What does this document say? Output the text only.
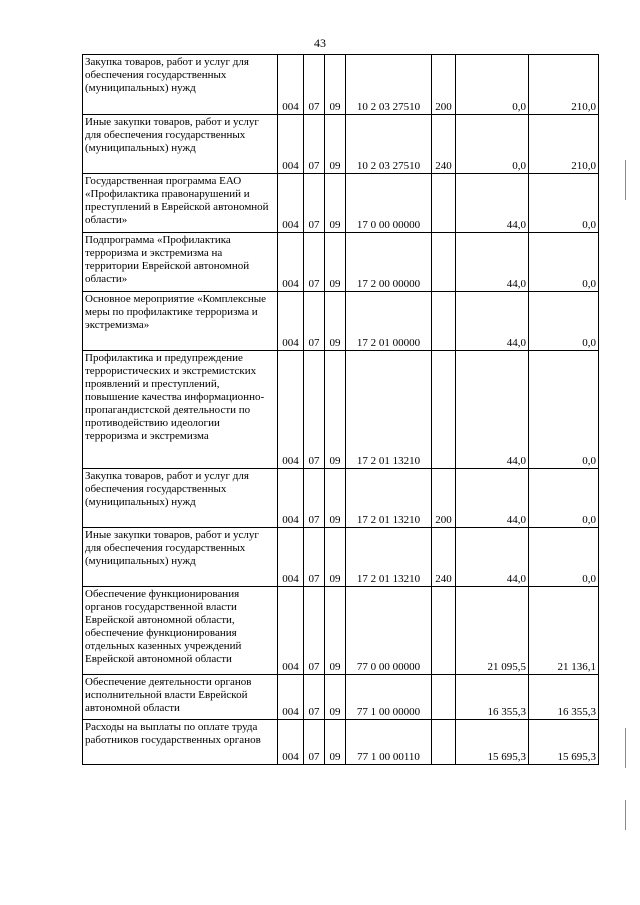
43
Закупка товаров, работ и услуг для обеспечения государственных (муниципальных) нужд	004	07	09	10 2 03 27510	200	0,0	210,0
Иные закупки товаров, работ и услуг для обеспечения государственных (муниципальных) нужд	004	07	09	10 2 03 27510	240	0,0	210,0
Государственная программа ЕАО «Профилактика правонарушений и преступлений в Еврейской автономной области»	004	07	09	17 0 00 00000		44,0	0,0
Подпрограмма «Профилактика терроризма и экстремизма на территории Еврейской автономной области»	004	07	09	17 2 00 00000		44,0	0,0
Основное мероприятие «Комплексные меры по профилактике терроризма и экстремизма»	004	07	09	17 2 01 00000		44,0	0,0
Профилактика и предупреждение террористических и экстремистских проявлений и преступлений, повышение качества информационно-пропагандистской деятельности по противодействию идеологии терроризма и экстремизма	004	07	09	17 2 01 13210		44,0	0,0
Закупка товаров, работ и услуг для обеспечения государственных (муниципальных) нужд	004	07	09	17 2 01 13210	200	44,0	0,0
Иные закупки товаров, работ и услуг для обеспечения государственных (муниципальных) нужд	004	07	09	17 2 01 13210	240	44,0	0,0
Обеспечение функционирования органов государственной власти Еврейской автономной области, обеспечение функционирования отдельных казенных учреждений Еврейской автономной области	004	07	09	77 0 00 00000		21 095,5	21 136,1
Обеспечение деятельности органов исполнительной власти Еврейской автономной области	004	07	09	77 1 00 00000		16 355,3	16 355,3
Расходы на выплаты по оплате труда работников государственных органов	004	07	09	77 1 00 00110		15 695,3	15 695,3
